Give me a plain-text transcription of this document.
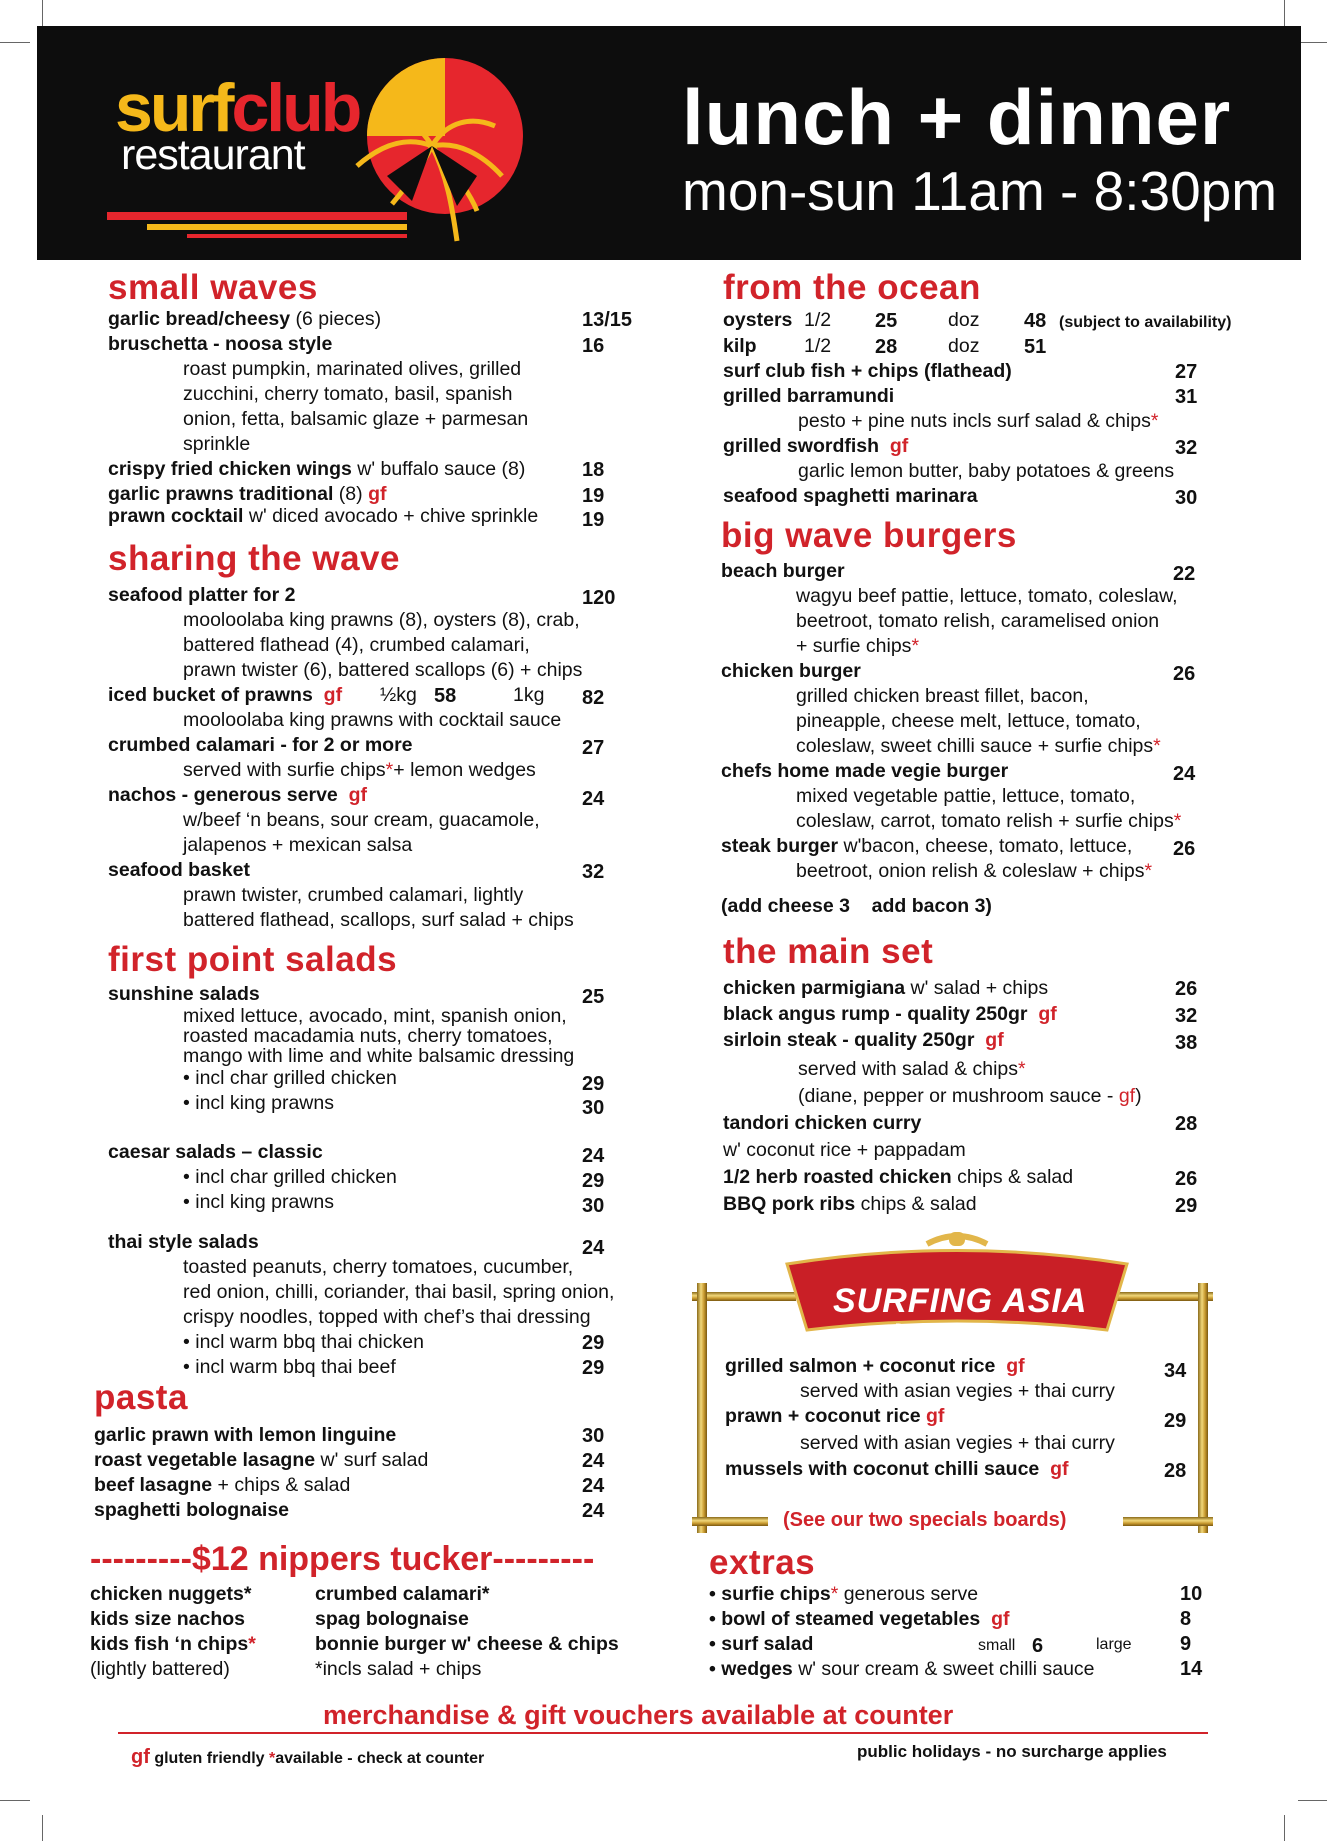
surfclub
restaurant	lunch + dinner
mon-sun 11am - 8:30pm
small waves
garlic bread/cheesy (6 pieces)	13/15
bruschetta - noosa style	16
roast pumpkin, marinated olives, grilled
zucchini, cherry tomato, basil, spanish
onion, fetta, balsamic glaze + parmesan
sprinkle
crispy fried chicken wings w' buffalo sauce (8)	18
garlic prawns traditional (8) gf	19
prawn cocktail w' diced avocado + chive sprinkle 19
sharing the wave
seafood platter for 2	120
mooloolaba king prawns (8), oysters (8), crab,
battered flathead (4), crumbed calamari,
prawn twister (6), battered scallops (6) + chips
iced bucket of prawns gf ½kg 58	1kg 82
mooloolaba king prawns with cocktail sauce
crumbed calamari - for 2 or more	27
served with surfie chips*+ lemon wedges
nachos - generous serve gf	24
w/beef ‘n beans, sour cream, guacamole,
jalapenos + mexican salsa
seafood basket	32
prawn twister, crumbed calamari, lightly
battered flathead, scallops, surf salad + chips
first point salads
sunshine salads	25
mixed lettuce, avocado, mint, spanish onion,
roasted macadamia nuts, cherry tomatoes,
mango with lime and white balsamic dressing
• incl char grilled chicken	29
• incl king prawns	30
caesar salads – classic	24
• incl char grilled chicken	29
• incl king prawns	30
thai style salads	24
toasted peanuts, cherry tomatoes, cucumber,
red onion, chilli, coriander, thai basil, spring onion,
crispy noodles, topped with chef’s thai dressing
• incl warm bbq thai chicken	29
• incl warm bbq thai beef	29
pasta
garlic prawn with lemon linguine	30
roast vegetable lasagne w' surf salad	24
beef lasagne + chips & salad	24
spaghetti bolognaise	24
---------$12 nippers tucker---------
chicken nuggets*
kids size nachos
kids fish ‘n chips*
(lightly battered)
crumbed calamari*
spag bolognaise
bonnie burger w' cheese & chips
*incls salad + chips
from the ocean
oysters 1/2 25	doz 48 (subject to availability)
kilp 1/2 28	doz 51
surf club fish + chips (flathead)	27
grilled barramundi	31
pesto + pine nuts incls surf salad & chips*
grilled swordfish gf	32
garlic lemon butter, baby potatoes & greens
seafood spaghetti marinara	30
big wave burgers
beach burger	22
wagyu beef pattie, lettuce, tomato, coleslaw,
beetroot, tomato relish, caramelised onion
+ surfie chips*
chicken burger	26
grilled chicken breast fillet, bacon,
pineapple, cheese melt, lettuce, tomato,
coleslaw, sweet chilli sauce + surfie chips*
chefs home made vegie burger	24
mixed vegetable pattie, lettuce, tomato,
coleslaw, carrot, tomato relish + surfie chips*
steak burger w'bacon, cheese, tomato, lettuce, 26
beetroot, onion relish & coleslaw + chips*
(add cheese 3    add bacon 3)
the main set
chicken parmigiana w' salad + chips	26
black angus rump - quality 250gr gf	32
sirloin steak - quality 250gr gf	38
served with salad & chips*
(diane, pepper or mushroom sauce - gf)
tandori chicken curry	28
w' coconut rice + pappadam
1/2 herb roasted chicken chips & salad	26
BBQ pork ribs chips & salad	29
SURFING ASIA
DISHES
grilled salmon + coconut rice gf	34
served with asian vegies + thai curry
prawn + coconut rice gf	29
served with asian vegies + thai curry
mussels with coconut chilli sauce gf	28
(See our two specials boards)
extras
• surfie chips* generous serve	10
• bowl of steamed vegetables gf	8
• surf salad	small 6	large 9
• wedges w' sour cream & sweet chilli sauce	14
merchandise & gift vouchers available at counter
gf gluten friendly *available - check at counter	public holidays - no surcharge applies
